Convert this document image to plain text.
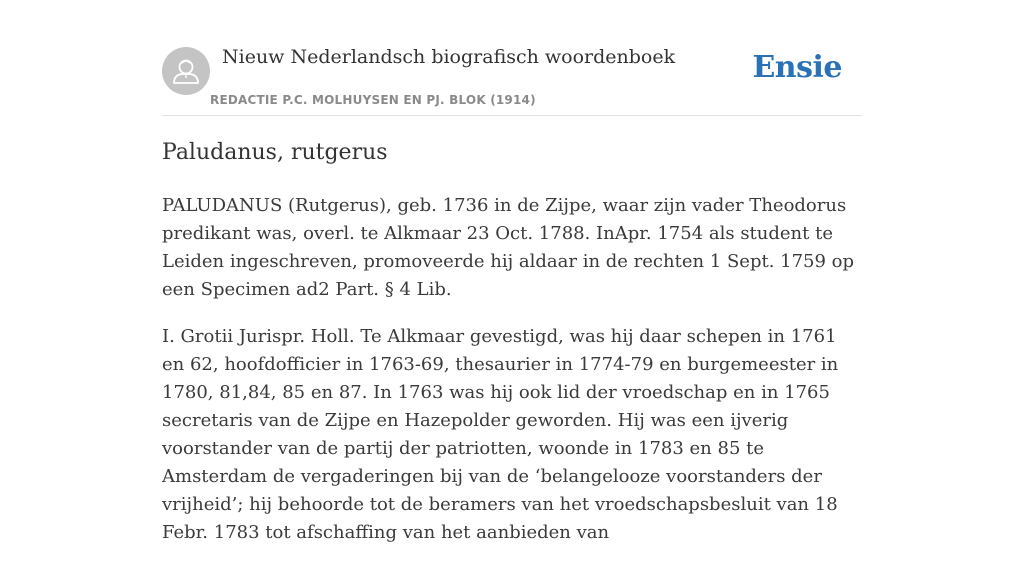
Nieuw Nederlandsch biografisch woordenboek
REDACTIE P.C. MOLHUYSEN EN PJ. BLOK (1914)
Ensie
Paludanus, rutgerus

PALUDANUS (Rutgerus), geb. 1736 in de Zijpe, waar zijn vader Theodorus predikant was, overl. te Alkmaar 23 Oct. 1788. InApr. 1754 als student te Leiden ingeschreven, promoveerde hij aldaar in de rechten 1 Sept. 1759 op een Specimen ad2 Part. § 4 Lib.

I. Grotii Jurispr. Holl. Te Alkmaar gevestigd, was hij daar schepen in 1761 en 62, hoofdofficier in 1763-69, thesaurier in 1774-79 en burgemeester in 1780, 81,84, 85 en 87. In 1763 was hij ook lid der vroedschap en in 1765 secretaris van de Zijpe en Hazepolder geworden. Hij was een ijverig voorstander van de partij der patriotten, woonde in 1783 en 85 te Amsterdam de vergaderingen bij van de ‘belangelooze voorstanders der vrijheid’; hij behoorde tot de beramers van het vroedschapsbesluit van 18 Febr. 1783 tot afschaffing van het aanbieden van
